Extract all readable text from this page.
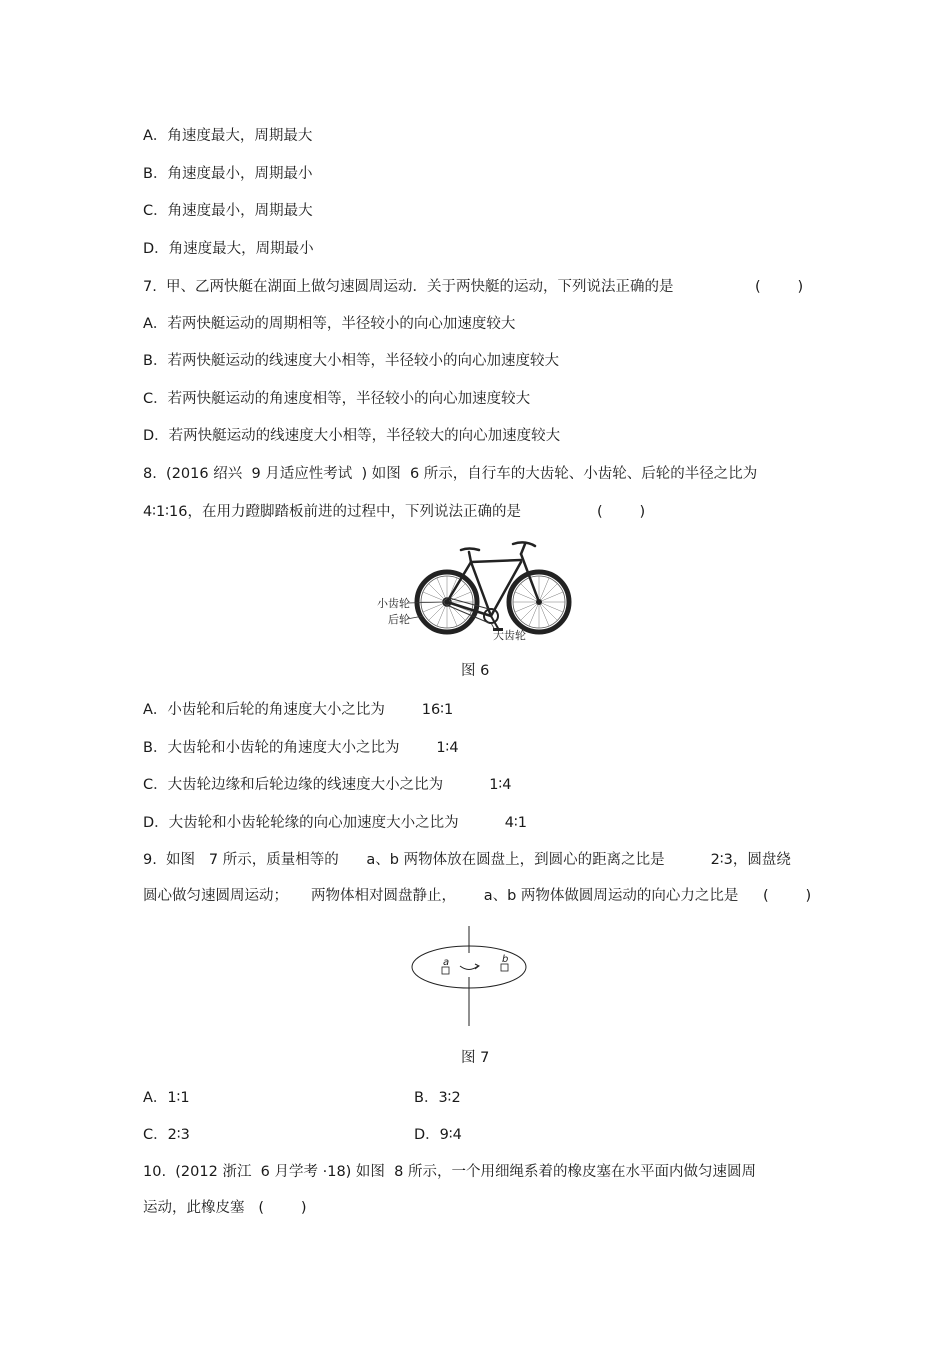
A．角速度最大，周期最大
B．角速度最小，周期最小
C．角速度最小，周期最大
D．角速度最大，周期最小
7.  甲、乙两快艇在湖面上做匀速圆周运动．关于两快艇的运动，下列说法正确的是	(        )
A．若两快艇运动的周期相等，半径较小的向心加速度较大
B．若两快艇运动的线速度大小相等，半径较小的向心加速度较大
C．若两快艇运动的角速度相等，半径较小的向心加速度较大
D．若两快艇运动的线速度大小相等，半径较大的向心加速度较大
8.  (2016 绍兴  9 月适应性考试  ) 如图  6 所示，自行车的大齿轮、小齿轮、后轮的半径之比为
4∶1∶16，在用力蹬脚踏板前进的过程中，下列说法正确的是	(        )
小齿轮
后轮
大齿轮
图 6
A．小齿轮和后轮的角速度大小之比为        16∶1
B．大齿轮和小齿轮的角速度大小之比为        1∶4
C．大齿轮边缘和后轮边缘的线速度大小之比为          1∶4
D．大齿轮和小齿轮轮缘的向心加速度大小之比为          4∶1
9.  如图   7 所示，质量相等的      a、b 两物体放在圆盘上，到圆心的距离之比是          2∶3，圆盘绕
圆心做匀速圆周运动；     两物体相对圆盘静止，      a、b 两物体做圆周运动的向心力之比是 (        )
a	b
图 7
A．1∶1	B．3∶2
C．2∶3	D．9∶4
10.  (2012 浙江  6 月学考 ·18) 如图  8 所示，一个用细绳系着的橡皮塞在水平面内做匀速圆周
运动，此橡皮塞   (        )
